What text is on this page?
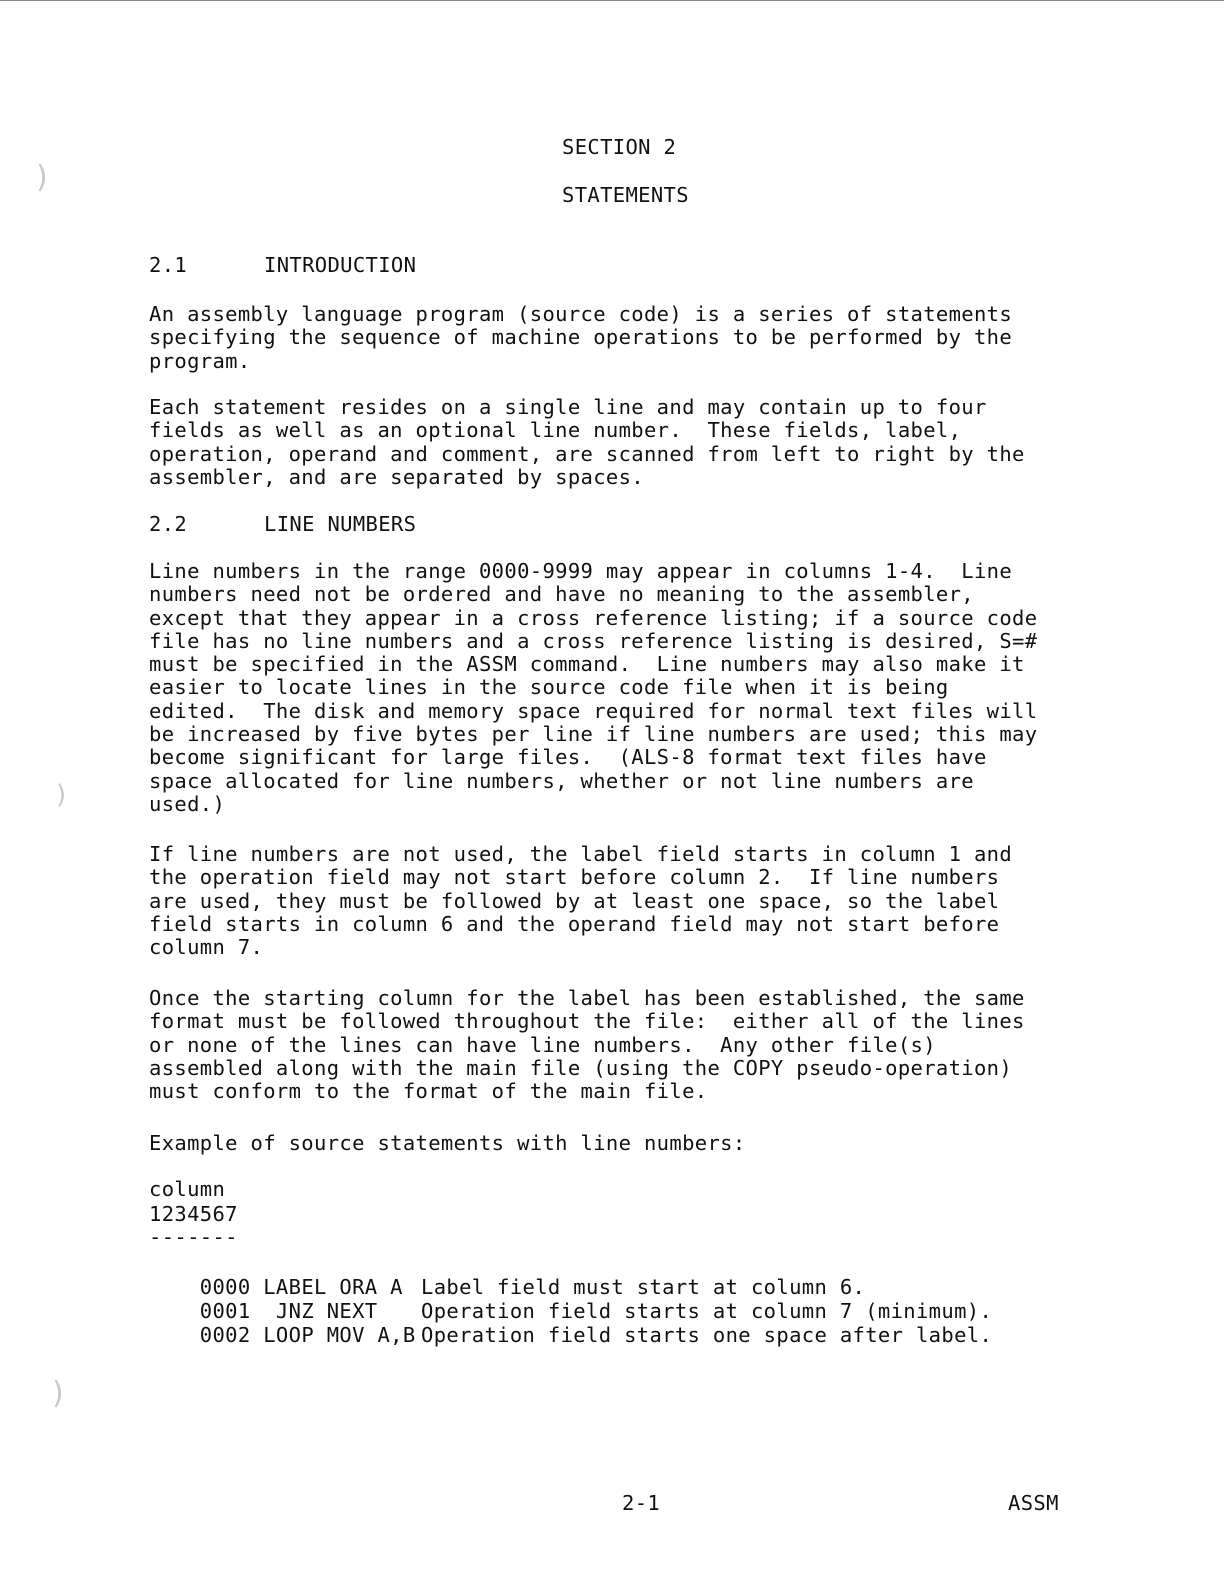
)
)
)
SECTION 2
STATEMENTS
2.1	INTRODUCTION
An assembly language program (source code) is a series of statements
specifying the sequence of machine operations to be performed by the
program.
Each statement resides on a single line and may contain up to four
fields as well as an optional line number.  These fields, label,
operation, operand and comment, are scanned from left to right by the
assembler, and are separated by spaces.
2.2	LINE NUMBERS
Line numbers in the range 0000-9999 may appear in columns 1-4.  Line
numbers need not be ordered and have no meaning to the assembler,
except that they appear in a cross reference listing; if a source code
file has no line numbers and a cross reference listing is desired, S=#
must be specified in the ASSM command.  Line numbers may also make it
easier to locate lines in the source code file when it is being
edited.  The disk and memory space required for normal text files will
be increased by five bytes per line if line numbers are used; this may
become significant for large files.  (ALS-8 format text files have
space allocated for line numbers, whether or not line numbers are
used.)
If line numbers are not used, the label field starts in column 1 and
the operation field may not start before column 2.  If line numbers
are used, they must be followed by at least one space, so the label
field starts in column 6 and the operand field may not start before
column 7.
Once the starting column for the label has been established, the same
format must be followed throughout the file:  either all of the lines
or none of the lines can have line numbers.  Any other file(s)
assembled along with the main file (using the COPY pseudo-operation)
must conform to the format of the main file.
Example of source statements with line numbers:
column
1234567
-------

0000 LABEL ORA A Label field must start at column 6.

0001  JNZ NEXT Operation field starts at column 7 (minimum).

0002 LOOP MOV A,B Operation field starts one space after label.

2-1	ASSM
